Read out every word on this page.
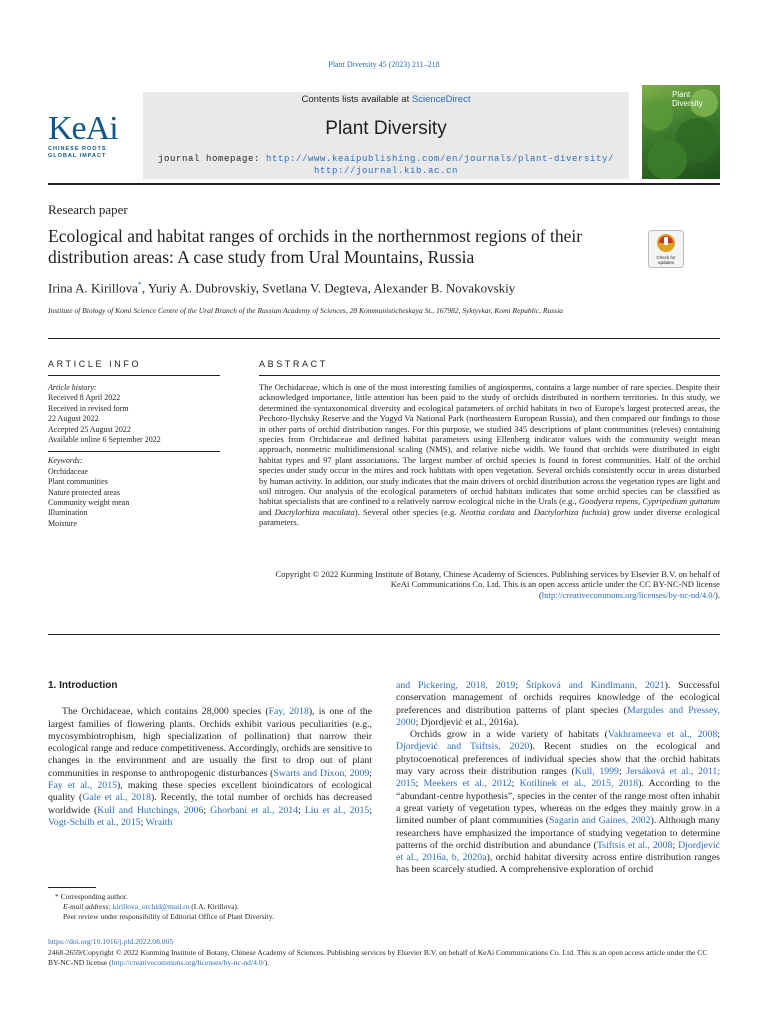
Plant Diversity 45 (2023) 211–218
KeAi
CHINESE ROOTS
GLOBAL IMPACT
Contents lists available at ScienceDirect
Plant Diversity
journal homepage: http://www.keaipublishing.com/en/journals/plant-diversity/
http://journal.kib.ac.cn
Plant Diversity
Research paper
Ecological and habitat ranges of orchids in the northernmost regions of their distribution areas: A case study from Ural Mountains, Russia	Check for updates
Irina A. Kirillova*, Yuriy A. Dubrovskiy, Svetlana V. Degteva, Alexander B. Novakovskiy
Institute of Biology of Komi Science Centre of the Ural Branch of the Russian Academy of Sciences, 28 Kommunisticheskaya St., 167982, Syktyvkar, Komi Republic, Russia
ARTICLE INFO
Article history:
Received 8 April 2022
Received in revised form
22 August 2022
Accepted 25 August 2022
Available online 6 September 2022
Keywords:
Orchidaceae
Plant communities
Nature protected areas
Community weight mean
Illumination
Moisture
ABSTRACT
The Orchidaceae, which is one of the most interesting families of angiosperms, contains a large number of rare species. Despite their acknowledged importance, little attention has been paid to the study of orchids distributed in northern territories. In this study, we determined the syntaxonomical diversity and ecological parameters of orchid habitats in two of Europe's largest protected areas, the Pechoro-Ilychsky Reserve and the Yugyd Va National Park (northeastern European Russia), and then compared our findings to those in other parts of orchid distribution ranges. For this purpose, we studied 345 descriptions of plant communities (releves) containing species from Orchidaceae and defined habitat parameters using Ellenberg indicator values with the community weight mean approach, nonmetric multidimensional scaling (NMS), and relative niche width. We found that orchids were distributed in eight habitat types and 97 plant associations. The largest number of orchid species is found in forest communities. Half of the orchid species under study occur in the mires and rock habitats with open vegetation. Several orchids consistently occur in areas disturbed by human activity. In addition, our study indicates that the main drivers of orchid distribution across the vegetation types are light and soil nitrogen. Our analysis of the ecological parameters of orchid habitats indicates that some orchid species can be classified as habitat specialists that are confined to a relatively narrow ecological niche in the Urals (e.g., Goodyera repens, Cypripedium guttatum and Dactylorhiza maculata). Several other species (e.g. Neottia cordata and Dactylorhiza fuchsia) grow under diverse ecological parameters.
Copyright © 2022 Kunming Institute of Botany, Chinese Academy of Sciences. Publishing services by Elsevier B.V. on behalf of KeAi Communications Co. Ltd. This is an open access article under the CC BY-NC-ND license (http://creativecommons.org/licenses/by-nc-nd/4.0/).
1. Introduction

The Orchidaceae, which contains 28,000 species (Fay, 2018), is one of the largest families of flowering plants. Orchids exhibit various peculiarities (e.g., mycosymbiotrophism, high specialization of pollination) that narrow their ecological range and reduce competitiveness. Accordingly, orchids are sensitive to changes in the environment and are usually the first to drop out of plant communities in response to anthropogenic disturbances (Swarts and Dixon, 2009; Fay et al., 2015), making these species excellent bioindicators of ecological quality (Gale et al., 2018). Recently, the total number of orchids has decreased worldwide (Kull and Hutchings, 2006; Ghorbani et al., 2014; Liu et al., 2015; Vogt-Schilb et al., 2015; Wraith

and Pickering, 2018, 2019; Štípková and Kindlmann, 2021). Successful conservation management of orchids requires knowledge of the ecological preferences and distribution patterns of plant species (Margules and Pressey, 2000; Djordjević et al., 2016a).

Orchids grow in a wide variety of habitats (Vakhrameeva et al., 2008; Djordjević and Tsiftsis, 2020). Recent studies on the ecological and phytocoenotical preferences of individual species show that the orchid habitats may vary across their distribution ranges (Kull, 1999; Jersáková et al., 2011; 2015; Meekers et al., 2012; Kotilínek et al., 2015, 2018). According to the “abundant-centre hypothesis”, species in the center of the range most often inhabit a great variety of vegetation types, whereas on the edges they mainly grow in a limited number of plant communities (Sagarin and Gaines, 2002). Although many researchers have emphasized the importance of studying vegetation to determine patterns of the orchid distribution and abundance (Tsiftsis et al., 2008; Djordjević et al., 2016a, b, 2020a), orchid habitat diversity across entire distribution ranges has been scarcely studied. A comprehensive exploration of orchid

* Corresponding author.
E-mail address: kirillova_orchid@mail.ru (I.A. Kirillova).
Peer review under responsibility of Editorial Office of Plant Diversity.
https://doi.org/10.1016/j.pld.2022.08.005
2468-2659/Copyright © 2022 Kunming Institute of Botany, Chinese Academy of Sciences. Publishing services by Elsevier B.V. on behalf of KeAi Communications Co. Ltd. This is an open access article under the CC BY-NC-ND license (http://creativecommons.org/licenses/by-nc-nd/4.0/).
